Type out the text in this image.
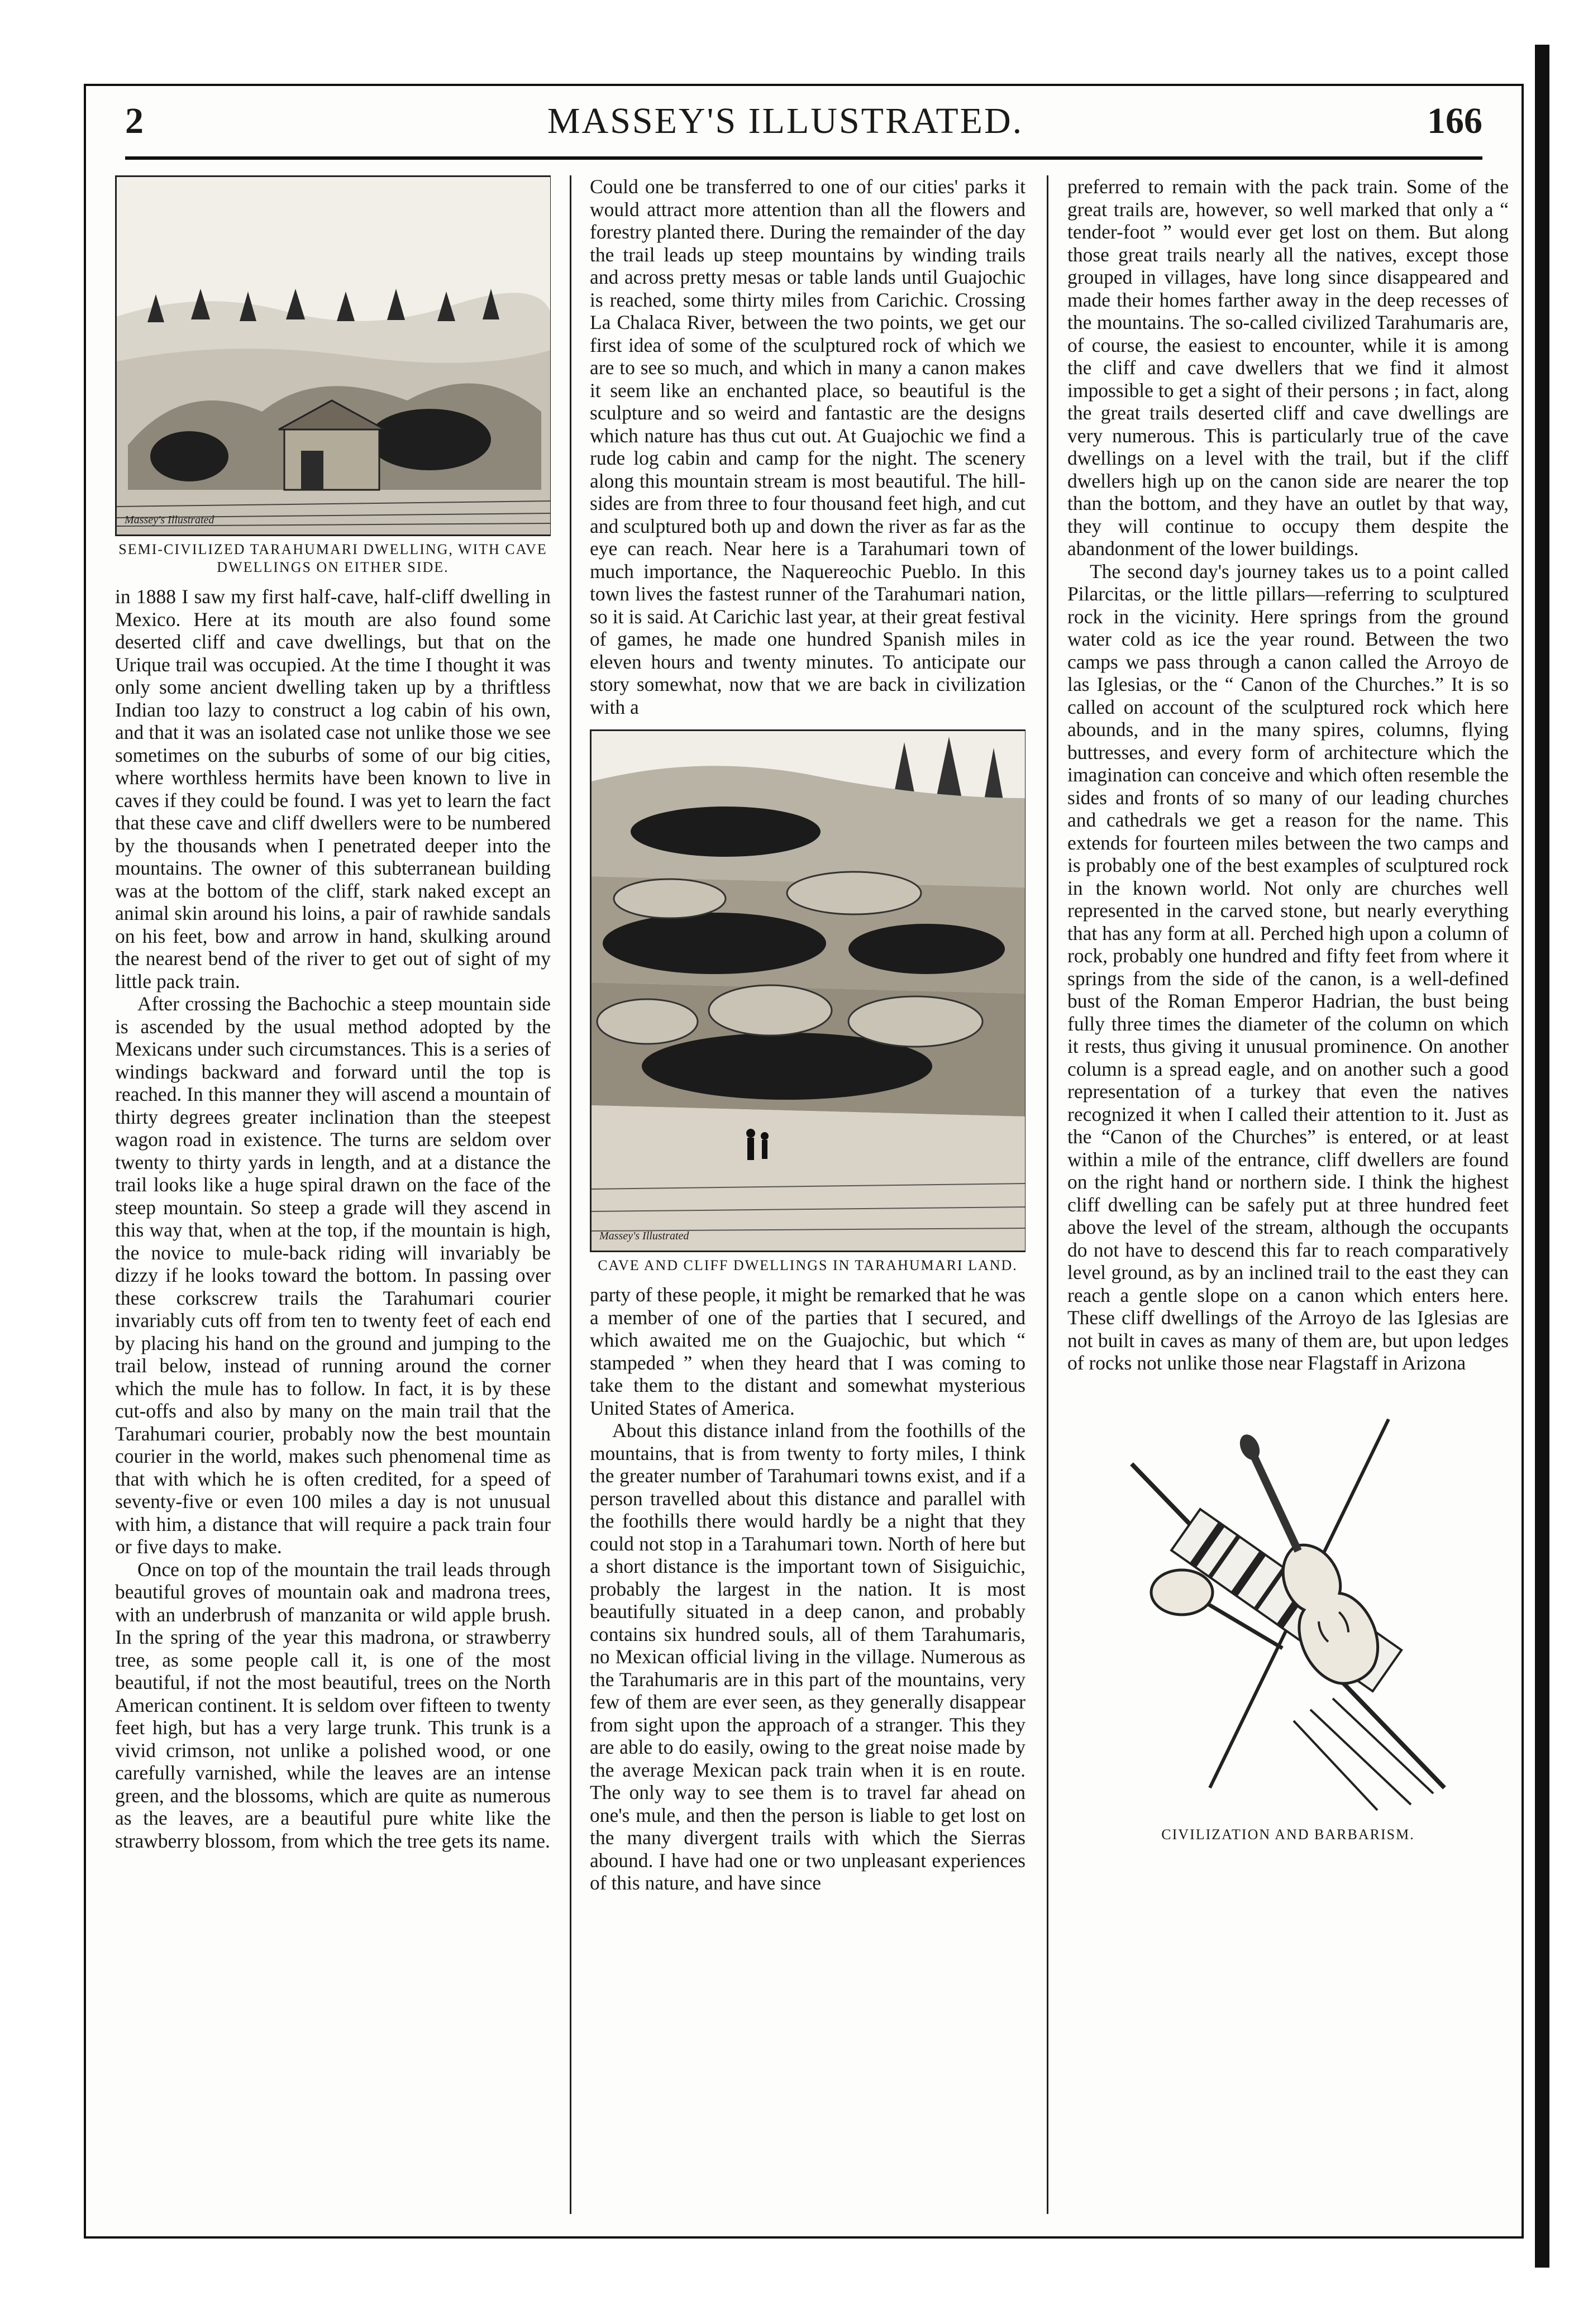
2	MASSEY'S ILLUSTRATED.	166
Massey's Illustrated
SEMI-CIVILIZED TARAHUMARI DWELLING, WITH CAVE DWELLINGS ON EITHER SIDE.

in 1888 I saw my first half-cave, half-cliff dwelling in Mexico. Here at its mouth are also found some deserted cliff and cave dwellings, but that on the Urique trail was occupied. At the time I thought it was only some ancient dwelling taken up by a thriftless Indian too lazy to construct a log cabin of his own, and that it was an isolated case not unlike those we see sometimes on the suburbs of some of our big cities, where worthless hermits have been known to live in caves if they could be found. I was yet to learn the fact that these cave and cliff dwellers were to be numbered by the thousands when I penetrated deeper into the mountains. The owner of this subterranean building was at the bottom of the cliff, stark naked except an animal skin around his loins, a pair of rawhide sandals on his feet, bow and arrow in hand, skulking around the nearest bend of the river to get out of sight of my little pack train.

After crossing the Bachochic a steep mountain side is ascended by the usual method adopted by the Mexicans under such circumstances. This is a series of windings backward and forward until the top is reached. In this manner they will ascend a mountain of thirty degrees greater inclination than the steepest wagon road in existence. The turns are seldom over twenty to thirty yards in length, and at a distance the trail looks like a huge spiral drawn on the face of the steep mountain. So steep a grade will they ascend in this way that, when at the top, if the mountain is high, the novice to mule-back riding will invariably be dizzy if he looks toward the bottom. In passing over these corkscrew trails the Tarahumari courier invariably cuts off from ten to twenty feet of each end by placing his hand on the ground and jumping to the trail below, instead of running around the corner which the mule has to follow. In fact, it is by these cut-offs and also by many on the main trail that the Tarahumari courier, probably now the best mountain courier in the world, makes such phenomenal time as that with which he is often credited, for a speed of seventy-five or even 100 miles a day is not unusual with him, a distance that will require a pack train four or five days to make.

Once on top of the mountain the trail leads through beautiful groves of mountain oak and madrona trees, with an underbrush of manzanita or wild apple brush. In the spring of the year this madrona, or strawberry tree, as some people call it, is one of the most beautiful, if not the most beautiful, trees on the North American continent. It is seldom over fifteen to twenty feet high, but has a very large trunk. This trunk is a vivid crimson, not unlike a polished wood, or one carefully varnished, while the leaves are an intense green, and the blossoms, which are quite as numerous as the leaves, are a beautiful pure white like the strawberry blossom, from which the tree gets its name.

Could one be transferred to one of our cities' parks it would attract more attention than all the flowers and forestry planted there. During the remainder of the day the trail leads up steep mountains by winding trails and across pretty mesas or table lands until Guajochic is reached, some thirty miles from Carichic. Crossing La Chalaca River, between the two points, we get our first idea of some of the sculptured rock of which we are to see so much, and which in many a canon makes it seem like an enchanted place, so beautiful is the sculpture and so weird and fantastic are the designs which nature has thus cut out. At Guajochic we find a rude log cabin and camp for the night. The scenery along this mountain stream is most beautiful. The hill-sides are from three to four thousand feet high, and cut and sculptured both up and down the river as far as the eye can reach. Near here is a Tarahumari town of much importance, the Naquereochic Pueblo. In this town lives the fastest runner of the Tarahumari nation, so it is said. At Carichic last year, at their great festival of games, he made one hundred Spanish miles in eleven hours and twenty minutes. To anticipate our story somewhat, now that we are back in civilization with a

Massey's Illustrated
CAVE AND CLIFF DWELLINGS IN TARAHUMARI LAND.

party of these people, it might be remarked that he was a member of one of the parties that I secured, and which awaited me on the Guajochic, but which “ stampeded ” when they heard that I was coming to take them to the distant and somewhat mysterious United States of America.

About this distance inland from the foothills of the mountains, that is from twenty to forty miles, I think the greater number of Tarahumari towns exist, and if a person travelled about this distance and parallel with the foothills there would hardly be a night that they could not stop in a Tarahumari town. North of here but a short distance is the important town of Sisiguichic, probably the largest in the nation. It is most beautifully situated in a deep canon, and probably contains six hundred souls, all of them Tarahumaris, no Mexican official living in the village. Numerous as the Tarahumaris are in this part of the mountains, very few of them are ever seen, as they generally disappear from sight upon the approach of a stranger. This they are able to do easily, owing to the great noise made by the average Mexican pack train when it is en route. The only way to see them is to travel far ahead on one's mule, and then the person is liable to get lost on the many divergent trails with which the Sierras abound. I have had one or two unpleasant experiences of this nature, and have since

preferred to remain with the pack train. Some of the great trails are, however, so well marked that only a “ tender-foot ” would ever get lost on them. But along those great trails nearly all the natives, except those grouped in villages, have long since disappeared and made their homes farther away in the deep recesses of the mountains. The so-called civilized Tarahumaris are, of course, the easiest to encounter, while it is among the cliff and cave dwellers that we find it almost impossible to get a sight of their persons ; in fact, along the great trails deserted cliff and cave dwellings are very numerous. This is particularly true of the cave dwellings on a level with the trail, but if the cliff dwellers high up on the canon side are nearer the top than the bottom, and they have an outlet by that way, they will continue to occupy them despite the abandonment of the lower buildings.

The second day's journey takes us to a point called Pilarcitas, or the little pillars—referring to sculptured rock in the vicinity. Here springs from the ground water cold as ice the year round. Between the two camps we pass through a canon called the Arroyo de las Iglesias, or the “ Canon of the Churches.” It is so called on account of the sculptured rock which here abounds, and in the many spires, columns, flying buttresses, and every form of architecture which the imagination can conceive and which often resemble the sides and fronts of so many of our leading churches and cathedrals we get a reason for the name. This extends for fourteen miles between the two camps and is probably one of the best examples of sculptured rock in the known world. Not only are churches well represented in the carved stone, but nearly everything that has any form at all. Perched high upon a column of rock, probably one hundred and fifty feet from where it springs from the side of the canon, is a well-defined bust of the Roman Emperor Hadrian, the bust being fully three times the diameter of the column on which it rests, thus giving it unusual prominence. On another column is a spread eagle, and on another such a good representation of a turkey that even the natives recognized it when I called their attention to it. Just as the “Canon of the Churches” is entered, or at least within a mile of the entrance, cliff dwellers are found on the right hand or northern side. I think the highest cliff dwelling can be safely put at three hundred feet above the level of the stream, although the occupants do not have to descend this far to reach comparatively level ground, as by an inclined trail to the east they can reach a gentle slope on a canon which enters here. These cliff dwellings of the Arroyo de las Iglesias are not built in caves as many of them are, but upon ledges of rocks not unlike those near Flagstaff in Arizona

CIVILIZATION AND BARBARISM.
